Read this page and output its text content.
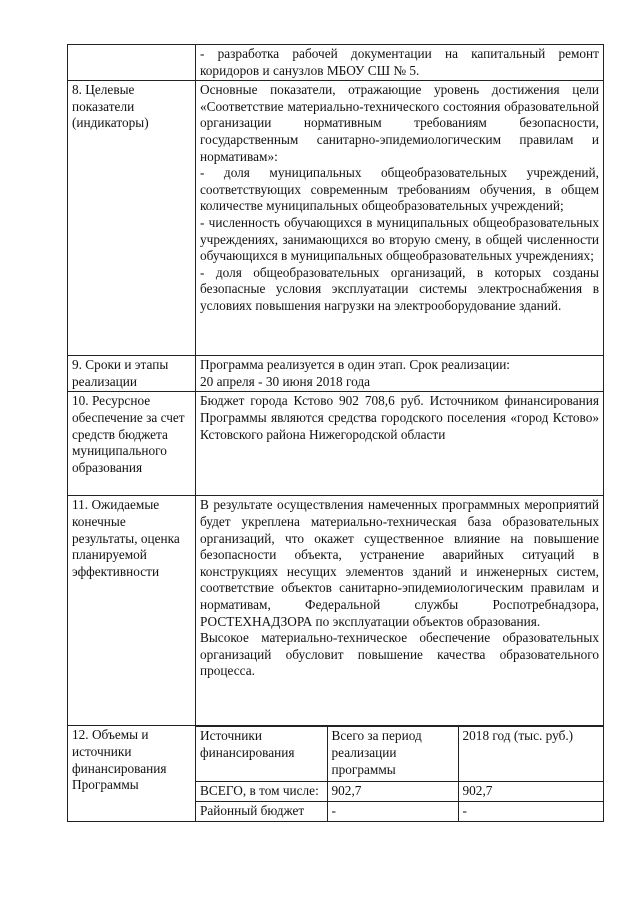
- разработка рабочей документации на капитальный ремонт коридоров и санузлов МБОУ СШ № 5.

8. Целевые показатели (индикаторы)	
Основные показатели, отражающие уровень достижения цели «Соответствие материально-технического состояния образовательной организации нормативным требованиям безопасности, государственным санитарно-эпидемиологическим правилам и нормативам»:
- доля муниципальных общеобразовательных учреждений, соответствующих современным требованиям обучения, в общем количестве муниципальных общеобразовательных учреждений;
- численность обучающихся в муниципальных общеобразовательных учреждениях, занимающихся во вторую смену, в общей численности обучающихся в муниципальных общеобразовательных учреждениях;
- доля общеобразовательных организаций, в которых созданы безопасные условия эксплуатации системы электроснабжения в условиях повышения нагрузки на электрооборудование зданий.

9. Сроки и этапы реализации	
Программа реализуется в один этап. Срок реализации:
20 апреля - 30 июня 2018 года

10. Ресурсное обеспечение за счет средств бюджета муниципального образования	
Бюджет города Кстово 902 708,6 руб. Источником финансирования Программы являются средства городского поселения «город Кстово» Кстовского района Нижегородской области

11. Ожидаемые конечные результаты, оценка планируемой эффективности	
В результате осуществления намеченных программных мероприятий будет укреплена материально-техническая база образовательных организаций, что окажет существенное влияние на повышение безопасности объекта, устранение аварийных ситуаций в конструкциях несущих элементов зданий и инженерных систем, соответствие объектов санитарно-эпидемиологическим правилам и нормативам, Федеральной службы Роспотребнадзора, РОСТЕХНАДЗОРА по эксплуатации объектов образования.
Высокое материально-техническое обеспечение образовательных организаций обусловит повышение качества образовательного процесса.

12. Объемы и источники финансирования Программы	
Источники финансирования	Всего за период реализации программы	2018 год (тыс. руб.)
ВСЕГО, в том числе:	902,7	902,7
Районный бюджет	-	-
